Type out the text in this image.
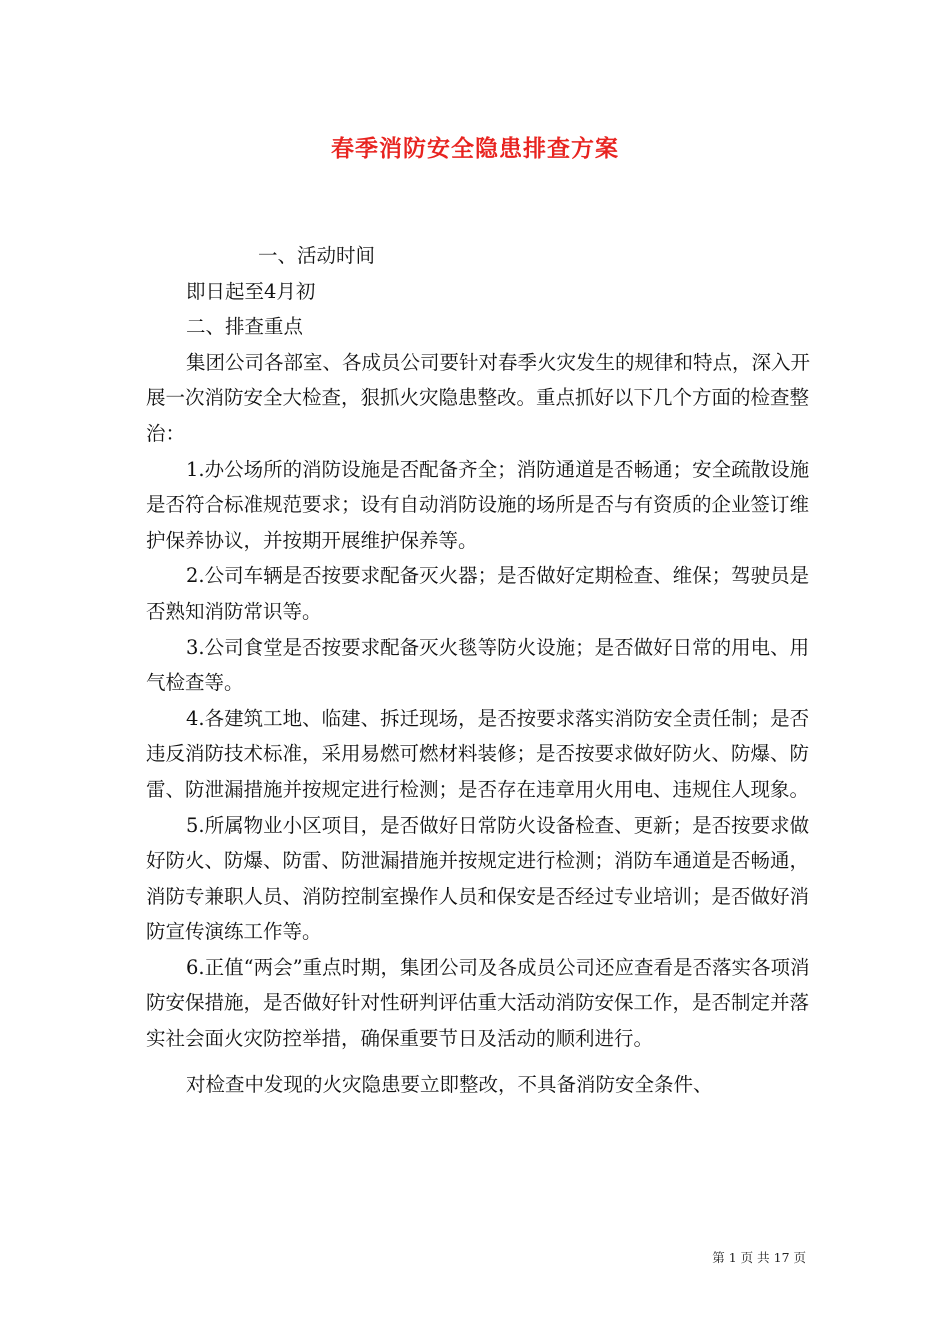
春季消防安全隐患排查方案

一、活动时间

即日起至4月初

二、排查重点

集团公司各部室、各成员公司要针对春季火灾发生的规律和特点，深入开展一次消防安全大检查，狠抓火灾隐患整改。重点抓好以下几个方面的检查整治：

1.办公场所的消防设施是否配备齐全；消防通道是否畅通；安全疏散设施是否符合标准规范要求；设有自动消防设施的场所是否与有资质的企业签订维护保养协议，并按期开展维护保养等。

2.公司车辆是否按要求配备灭火器；是否做好定期检查、维保；驾驶员是否熟知消防常识等。

3.公司食堂是否按要求配备灭火毯等防火设施；是否做好日常的用电、用气检查等。

4.各建筑工地、临建、拆迁现场，是否按要求落实消防安全责任制；是否违反消防技术标准，采用易燃可燃材料装修；是否按要求做好防火、防爆、防雷、防泄漏措施并按规定进行检测；是否存在违章用火用电、违规住人现象。

5.所属物业小区项目，是否做好日常防火设备检查、更新；是否按要求做好防火、防爆、防雷、防泄漏措施并按规定进行检测；消防车通道是否畅通，消防专兼职人员、消防控制室操作人员和保安是否经过专业培训；是否做好消防宣传演练工作等。

6.正值“两会”重点时期，集团公司及各成员公司还应查看是否落实各项消防安保措施，是否做好针对性研判评估重大活动消防安保工作，是否制定并落实社会面火灾防控举措，确保重要节日及活动的顺利进行。

对检查中发现的火灾隐患要立即整改，不具备消防安全条件、

第 1 页 共 17 页
